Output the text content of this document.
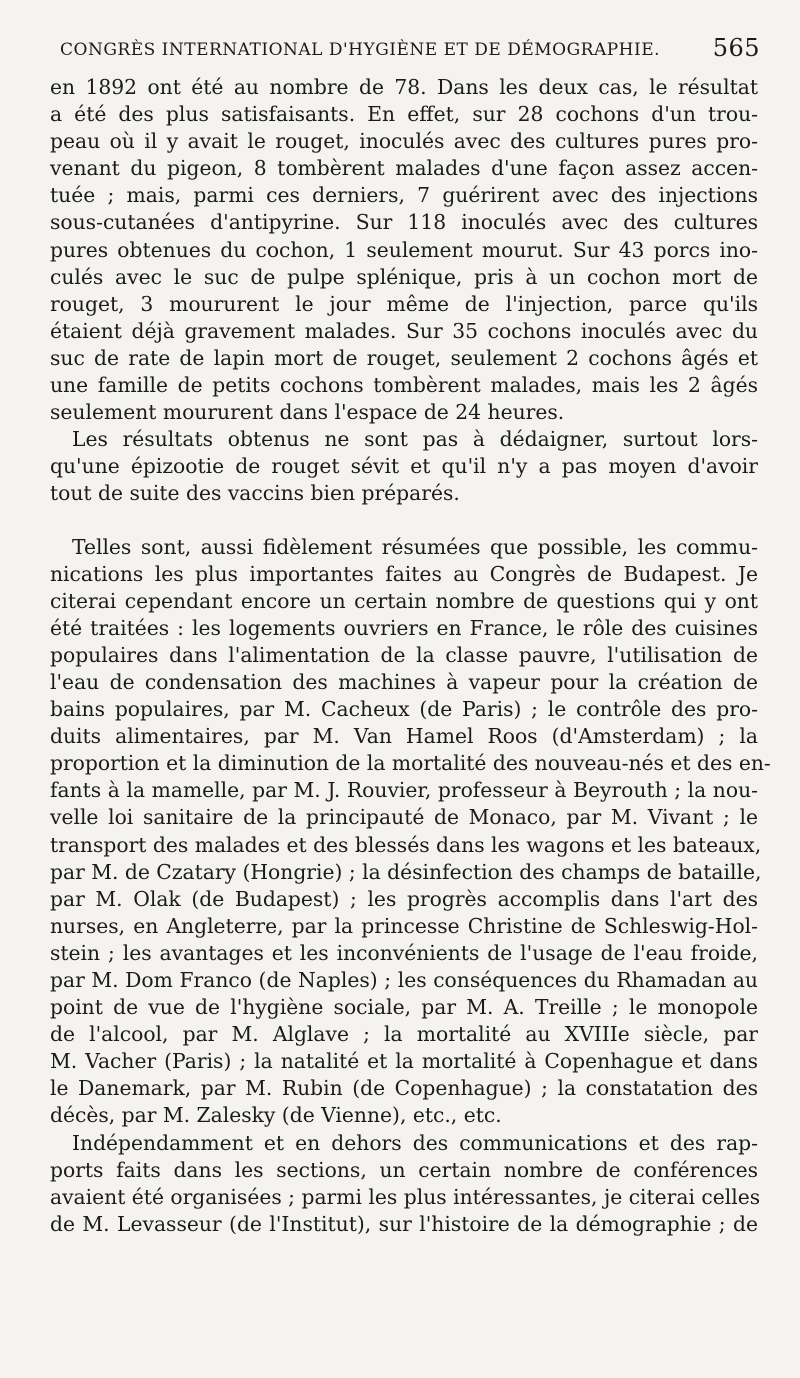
CONGRÈS INTERNATIONAL D'HYGIÈNE ET DE DÉMOGRAPHIE. 565
en 1892 ont été au nombre de 78. Dans les deux cas, le résultat
a été des plus satisfaisants. En effet, sur 28 cochons d'un trou-
peau où il y avait le rouget, inoculés avec des cultures pures pro-
venant du pigeon, 8 tombèrent malades d'une façon assez accen-
tuée ; mais, parmi ces derniers, 7 guérirent avec des injections
sous-cutanées d'antipyrine. Sur 118 inoculés avec des cultures
pures obtenues du cochon, 1 seulement mourut. Sur 43 porcs ino-
culés avec le suc de pulpe splénique, pris à un cochon mort de
rouget, 3 moururent le jour même de l'injection, parce qu'ils
étaient déjà gravement malades. Sur 35 cochons inoculés avec du
suc de rate de lapin mort de rouget, seulement 2 cochons âgés et
une famille de petits cochons tombèrent malades, mais les 2 âgés
seulement moururent dans l'espace de 24 heures.
Les résultats obtenus ne sont pas à dédaigner, surtout lors-
qu'une épizootie de rouget sévit et qu'il n'y a pas moyen d'avoir
tout de suite des vaccins bien préparés.
Telles sont, aussi fidèlement résumées que possible, les commu-
nications les plus importantes faites au Congrès de Budapest. Je
citerai cependant encore un certain nombre de questions qui y ont
été traitées : les logements ouvriers en France, le rôle des cuisines
populaires dans l'alimentation de la classe pauvre, l'utilisation de
l'eau de condensation des machines à vapeur pour la création de
bains populaires, par M. Cacheux (de Paris) ; le contrôle des pro-
duits alimentaires, par M. Van Hamel Roos (d'Amsterdam) ; la
proportion et la diminution de la mortalité des nouveau-nés et des en-
fants à la mamelle, par M. J. Rouvier, professeur à Beyrouth ; la nou-
velle loi sanitaire de la principauté de Monaco, par M. Vivant ; le
transport des malades et des blessés dans les wagons et les bateaux,
par M. de Czatary (Hongrie) ; la désinfection des champs de bataille,
par M. Olak (de Budapest) ; les progrès accomplis dans l'art des
nurses, en Angleterre, par la princesse Christine de Schleswig-Hol-
stein ; les avantages et les inconvénients de l'usage de l'eau froide,
par M. Dom Franco (de Naples) ; les conséquences du Rhamadan au
point de vue de l'hygiène sociale, par M. A. Treille ; le monopole
de l'alcool, par M. Alglave ; la mortalité au XVIIIe siècle, par
M. Vacher (Paris) ; la natalité et la mortalité à Copenhague et dans
le Danemark, par M. Rubin (de Copenhague) ; la constatation des
décès, par M. Zalesky (de Vienne), etc., etc.
Indépendamment et en dehors des communications et des rap-
ports faits dans les sections, un certain nombre de conférences
avaient été organisées ; parmi les plus intéressantes, je citerai celles
de M. Levasseur (de l'Institut), sur l'histoire de la démographie ; de
